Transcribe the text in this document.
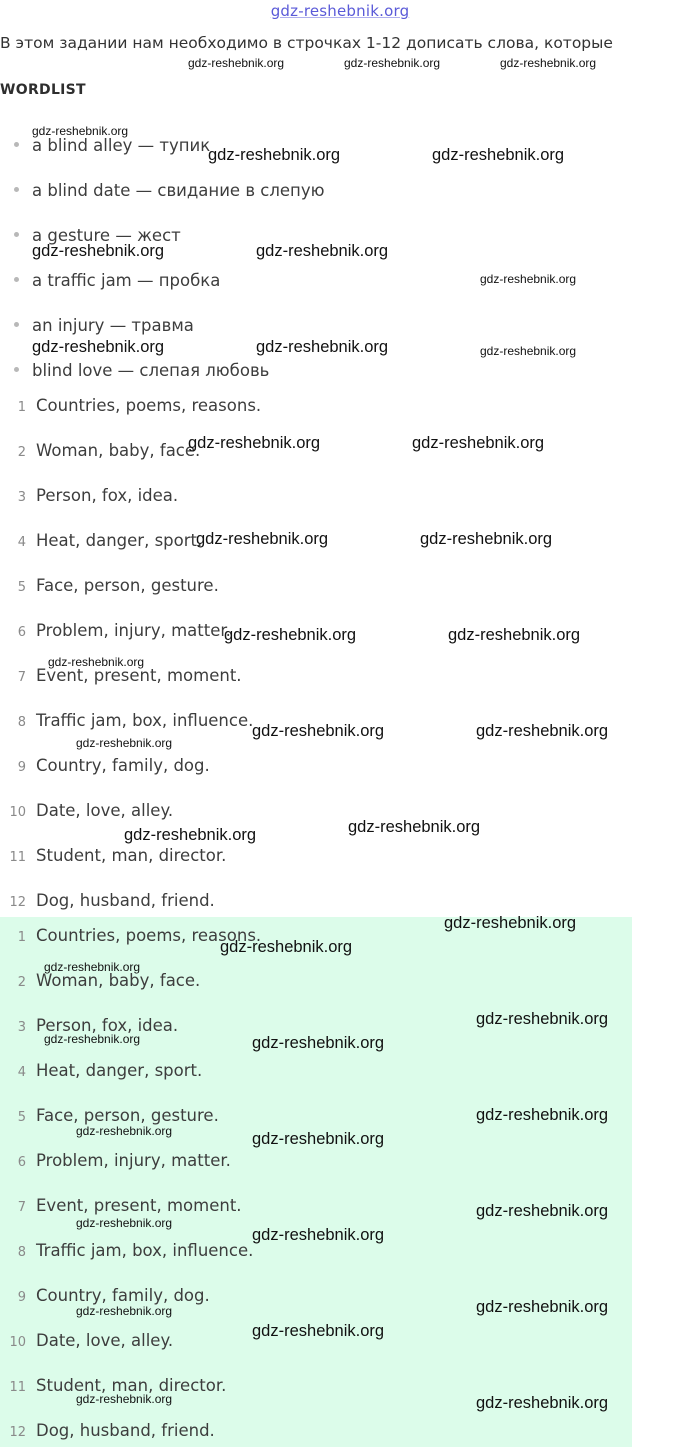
gdz-reshebnik.org
В этом задании нам необходимо в строчках 1-12 дописать слова, которые
WORDLIST
a blind alley — тупик
a blind date — свидание в слепую
a gesture — жест
a traffic jam — пробка
an injury — травма
blind love — слепая любовь
1 Countries, poems, reasons.
2 Woman, baby, face.
3 Person, fox, idea.
4 Heat, danger, sport.
5 Face, person, gesture.
6 Problem, injury, matter.
7 Event, present, moment.
8 Traffic jam, box, influence.
9 Country, family, dog.
10 Date, love, alley.
11 Student, man, director.
12 Dog, husband, friend.
1 Countries, poems, reasons.
2 Woman, baby, face.
3 Person, fox, idea.
4 Heat, danger, sport.
5 Face, person, gesture.
6 Problem, injury, matter.
7 Event, present, moment.
8 Traffic jam, box, influence.
9 Country, family, dog.
10 Date, love, alley.
11 Student, man, director.
12 Dog, husband, friend.
gdz-reshebnik.org	gdz-reshebnik.org	gdz-reshebnik.org
gdz-reshebnik.org
gdz-reshebnik.org	gdz-reshebnik.org
gdz-reshebnik.org	gdz-reshebnik.org
gdz-reshebnik.org
gdz-reshebnik.org	gdz-reshebnik.org	gdz-reshebnik.org
gdz-reshebnik.org	gdz-reshebnik.org
gdz-reshebnik.org	gdz-reshebnik.org
gdz-reshebnik.org	gdz-reshebnik.org
gdz-reshebnik.org
gdz-reshebnik.org	gdz-reshebnik.org
gdz-reshebnik.org
gdz-reshebnik.org
gdz-reshebnik.org
gdz-reshebnik.org
gdz-reshebnik.org
gdz-reshebnik.org
gdz-reshebnik.org
gdz-reshebnik.org	gdz-reshebnik.org
gdz-reshebnik.org
gdz-reshebnik.org	gdz-reshebnik.org
gdz-reshebnik.org
gdz-reshebnik.org
gdz-reshebnik.org
gdz-reshebnik.org
gdz-reshebnik.org
gdz-reshebnik.org
gdz-reshebnik.org	gdz-reshebnik.org
